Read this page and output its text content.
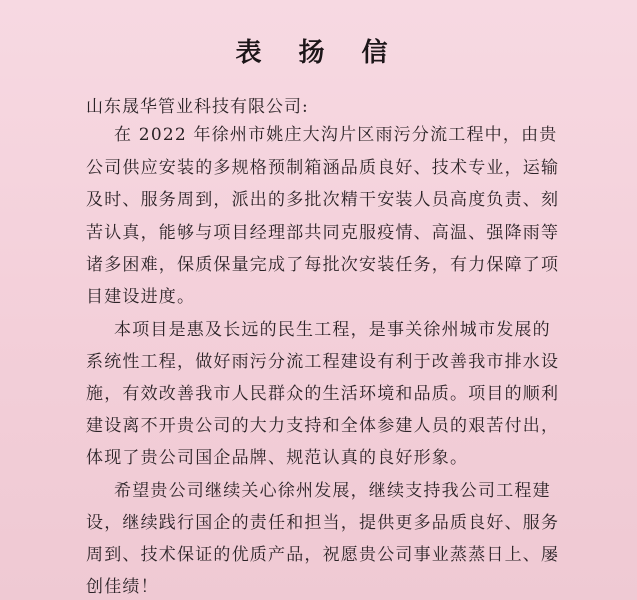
表 扬 信
山东晟华管业科技有限公司:
在 2022 年徐州市姚庄大沟片区雨污分流工程中，由贵
公司供应安装的多规格预制箱涵品质良好、技术专业，运输
及时、服务周到，派出的多批次精干安装人员高度负责、刻
苦认真，能够与项目经理部共同克服疫情、高温、强降雨等
诸多困难，保质保量完成了每批次安装任务，有力保障了项
目建设进度。
本项目是惠及长远的民生工程，是事关徐州城市发展的
系统性工程，做好雨污分流工程建设有利于改善我市排水设
施，有效改善我市人民群众的生活环境和品质。项目的顺利
建设离不开贵公司的大力支持和全体参建人员的艰苦付出，
体现了贵公司国企品牌、规范认真的良好形象。
希望贵公司继续关心徐州发展，继续支持我公司工程建
设，继续践行国企的责任和担当，提供更多品质良好、服务
周到、技术保证的优质产品，祝愿贵公司事业蒸蒸日上、屡
创佳绩！
